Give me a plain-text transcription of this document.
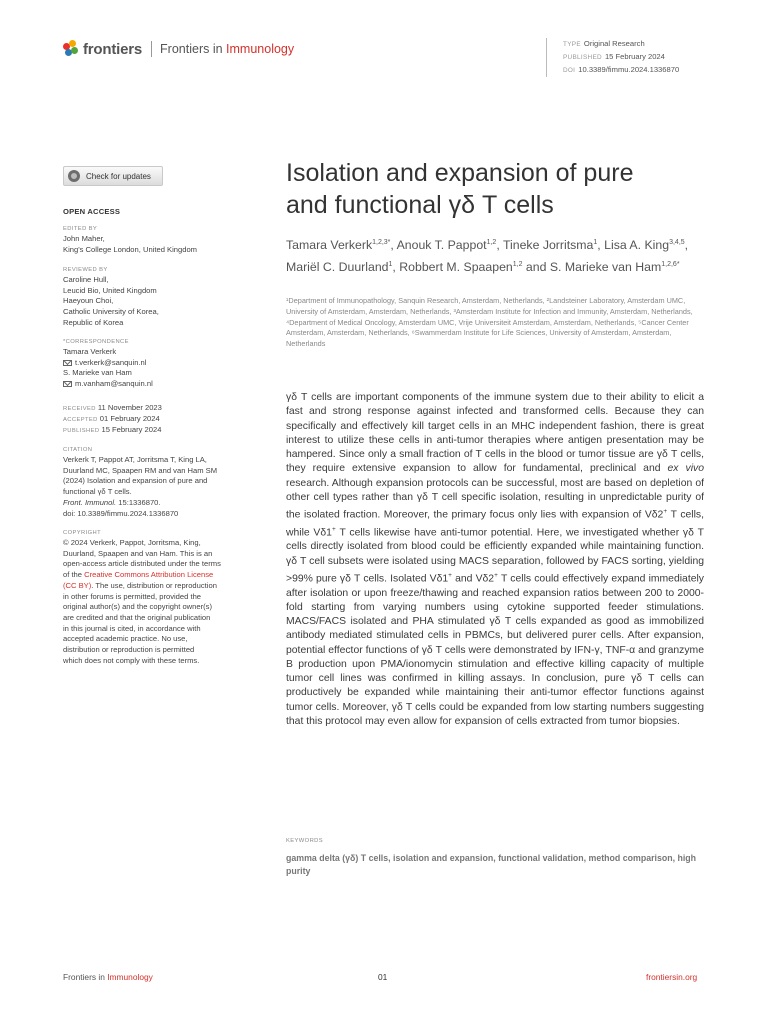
frontiers Frontiers in Immunology	TYPE Original Research
PUBLISHED 15 February 2024
DOI 10.3389/fimmu.2024.1336870
Check for updates
OPEN ACCESS
EDITED BY
John Maher,
King's College London, United Kingdom
REVIEWED BY
Caroline Hull,
Leucid Bio, United Kingdom
Haeyoun Choi,
Catholic University of Korea,
Republic of Korea
*CORRESPONDENCE
Tamara Verkerk
t.verkerk@sanquin.nl
S. Marieke van Ham
m.vanham@sanquin.nl
RECEIVED 11 November 2023
ACCEPTED 01 February 2024
PUBLISHED 15 February 2024
CITATION
Verkerk T, Pappot AT, Jorritsma T, King LA,
Duurland MC, Spaapen RM and van Ham SM
(2024) Isolation and expansion of pure and
functional γδ T cells.
Front. Immunol. 15:1336870.
doi: 10.3389/fimmu.2024.1336870
COPYRIGHT
© 2024 Verkerk, Pappot, Jorritsma, King,
Duurland, Spaapen and van Ham. This is an
open-access article distributed under the terms
of the Creative Commons Attribution License
(CC BY). The use, distribution or reproduction
in other forums is permitted, provided the
original author(s) and the copyright owner(s)
are credited and that the original publication
in this journal is cited, in accordance with
accepted academic practice. No use,
distribution or reproduction is permitted
which does not comply with these terms.
Isolation and expansion of pure
and functional γδ T cells
Tamara Verkerk$^{1,2,3*}$, Anouk T. Pappot$^{1,2}$, Tineke Jorritsma$^1$, Lisa A. King$^{3,4,5}$, Mariël C. Duurland$^1$, Robbert M. Spaapen$^{1,2}$ and S. Marieke van Ham$^{1,2,6*}$
¹Department of Immunopathology, Sanquin Research, Amsterdam, Netherlands, ²Landsteiner Laboratory, Amsterdam UMC, University of Amsterdam, Amsterdam, Netherlands, ³Amsterdam Institute for Infection and Immunity, Amsterdam, Netherlands, ⁴Department of Medical Oncology, Amsterdam UMC, Vrije Universiteit Amsterdam, Amsterdam, Netherlands, ⁵Cancer Center Amsterdam, Amsterdam, Netherlands, ⁶Swammerdam Institute for Life Sciences, University of Amsterdam, Amsterdam, Netherlands

γδ T cells are important components of the immune system due to their ability to elicit a fast and strong response against infected and transformed cells. Because they can specifically and effectively kill target cells in an MHC independent fashion, there is great interest to utilize these cells in anti-tumor therapies where antigen presentation may be hampered. Since only a small fraction of T cells in the blood or tumor tissue are γδ T cells, they require extensive expansion to allow for fundamental, preclinical and ex vivo research. Although expansion protocols can be successful, most are based on depletion of other cell types rather than γδ T cell specific isolation, resulting in unpredictable purity of the isolated fraction. Moreover, the primary focus only lies with expansion of Vδ2+ T cells, while Vδ1+ T cells likewise have anti-tumor potential. Here, we investigated whether γδ T cells directly isolated from blood could be efficiently expanded while maintaining function. γδ T cell subsets were isolated using MACS separation, followed by FACS sorting, yielding >99% pure γδ T cells. Isolated Vδ1+ and Vδ2+ T cells could effectively expand immediately after isolation or upon freeze/thawing and reached expansion ratios between 200 to 2000-fold starting from varying numbers using cytokine supported feeder stimulations. MACS/FACS isolated and PHA stimulated γδ T cells expanded as good as immobilized antibody mediated stimulated cells in PBMCs, but delivered purer cells. After expansion, potential effector functions of γδ T cells were demonstrated by IFN-γ, TNF-α and granzyme B production upon PMA/ionomycin stimulation and effective killing capacity of multiple tumor cell lines was confirmed in killing assays. In conclusion, pure γδ T cells can productively be expanded while maintaining their anti-tumor effector functions against tumor cells. Moreover, γδ T cells could be expanded from low starting numbers suggesting that this protocol may even allow for expansion of cells extracted from tumor biopsies.

KEYWORDS
gamma delta (γδ) T cells, isolation and expansion, functional validation, method comparison, high purity
Frontiers in Immunology	01	frontiersin.org
